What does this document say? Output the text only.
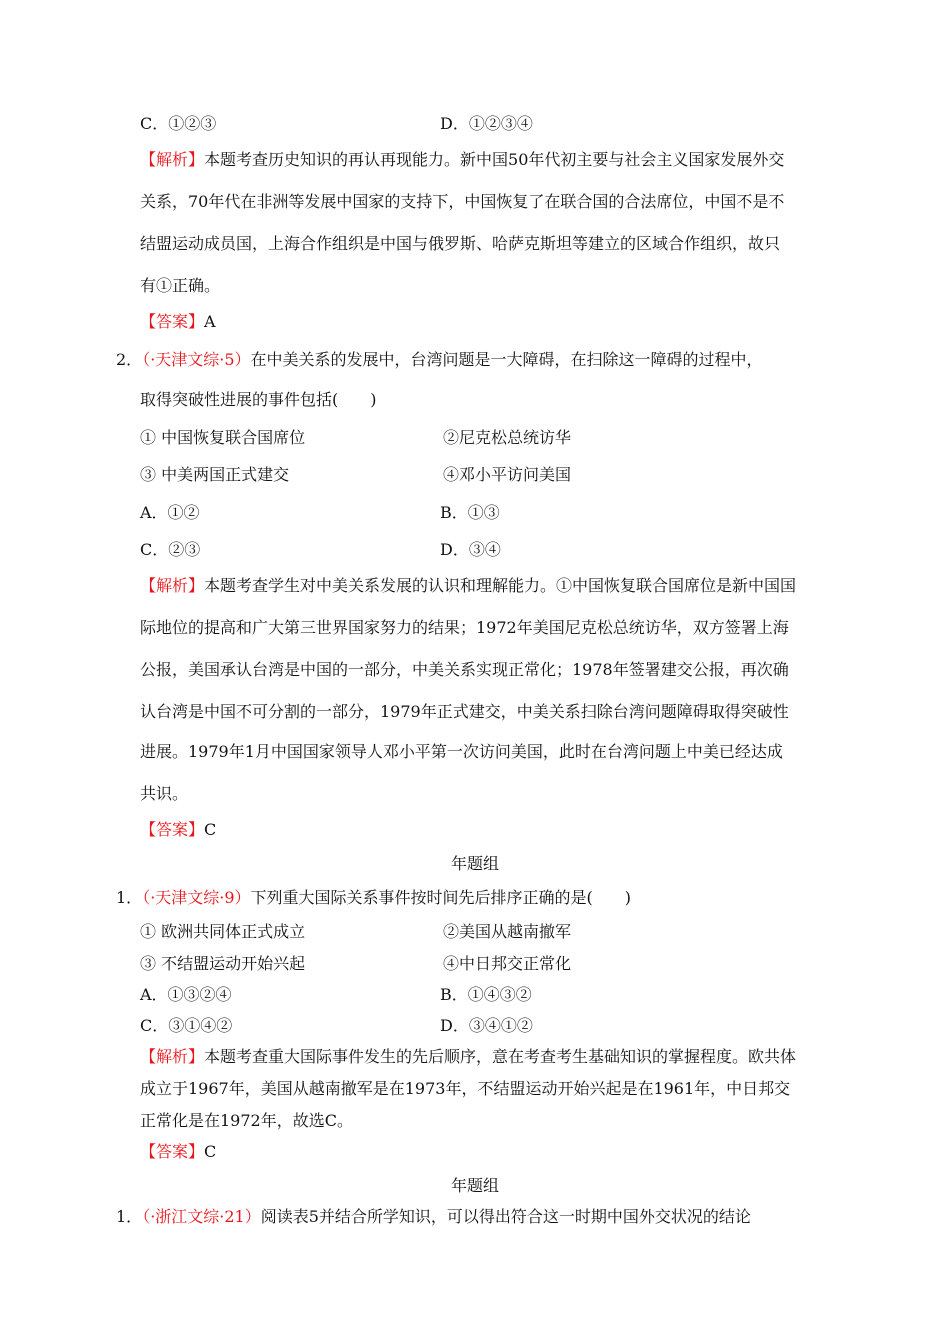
C．①②③	D．①②③④
【解析】本题考查历史知识的再认再现能力。新中国50年代初主要与社会主义国家发展外交
关系，70年代在非洲等发展中国家的支持下，中国恢复了在联合国的合法席位，中国不是不
结盟运动成员国，上海合作组织是中国与俄罗斯、哈萨克斯坦等建立的区域合作组织，故只
有①正确。
【答案】A
2．（·天津文综·5）在中美关系的发展中，台湾问题是一大障碍，在扫除这一障碍的过程中，
取得突破性进展的事件包括(　　)
① 中国恢复联合国席位	②尼克松总统访华
③ 中美两国正式建交	④邓小平访问美国
A．①②	B．①③
C．②③	D．③④
【解析】本题考查学生对中美关系发展的认识和理解能力。①中国恢复联合国席位是新中国国
际地位的提高和广大第三世界国家努力的结果；1972年美国尼克松总统访华，双方签署上海
公报，美国承认台湾是中国的一部分，中美关系实现正常化；1978年签署建交公报，再次确
认台湾是中国不可分割的一部分，1979年正式建交，中美关系扫除台湾问题障碍取得突破性
进展。1979年1月中国国家领导人邓小平第一次访问美国，此时在台湾问题上中美已经达成
共识。
【答案】C
年题组
1．（·天津文综·9）下列重大国际关系事件按时间先后排序正确的是(　　)
① 欧洲共同体正式成立	②美国从越南撤军
③ 不结盟运动开始兴起	④中日邦交正常化
A．①③②④	B．①④③②
C．③①④②	D．③④①②
【解析】本题考查重大国际事件发生的先后顺序，意在考查考生基础知识的掌握程度。欧共体
成立于1967年，美国从越南撤军是在1973年，不结盟运动开始兴起是在1961年，中日邦交
正常化是在1972年，故选C。
【答案】C
年题组
1．（·浙江文综·21）阅读表5并结合所学知识，可以得出符合这一时期中国外交状况的结论
